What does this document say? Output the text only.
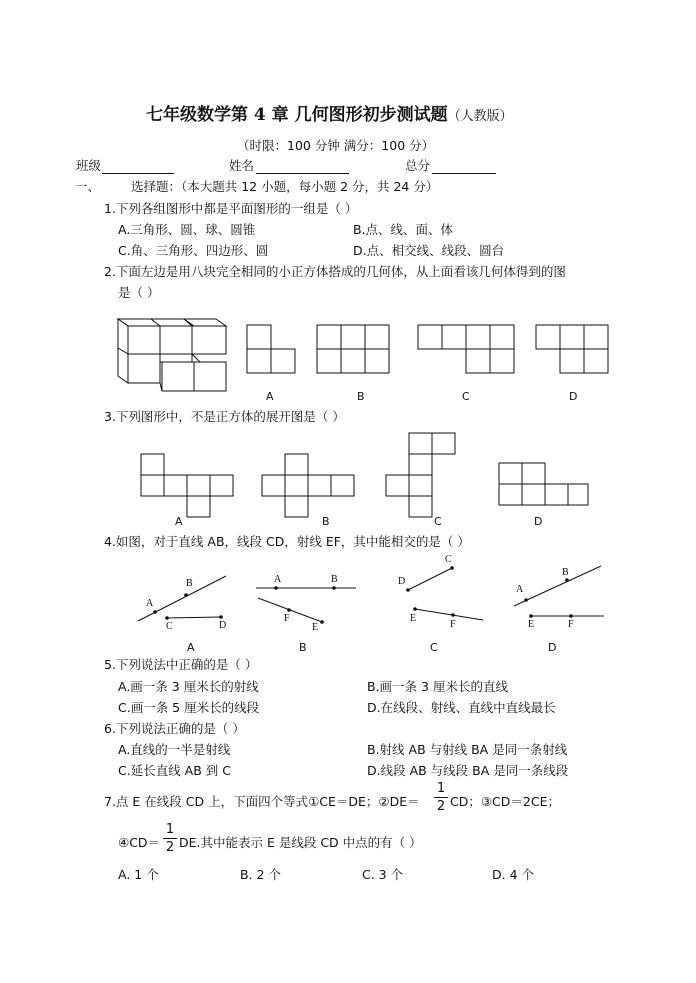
七年级数学第 4 章 几何图形初步测试题（人教版）
（时限：100 分钟 满分：100 分）
班级	姓名	总分
一、 选择题：（本大题共 12 小题，每小题 2 分，共 24 分）
1.下列各组图形中都是平面图形的一组是（ ）
A.三角形、圆、球、圆锥	B.点、线、面、体
C.角、三角形、四边形、圆	D.点、相交线、线段、圆台
2.下面左边是用八块完全相同的小正方体搭成的几何体，从上面看该几何体得到的图
是（ ）
A	B	C	D
3.下列图形中，不是正方体的展开图是（ ）
A	B	C	D
4.如图，对于直线 AB，线段 CD，射线 EF，其中能相交的是（ ）
A
B
C	D
A	B
F
E
D
C
E
F
A
B
E	F
A	B	C	D
5.下列说法中正确的是（ ）
A.画一条 3 厘米长的射线	B.画一条 3 厘米长的直线
C.画一条 5 厘米长的线段	D.在线段、射线、直线中直线最长
6.下列说法正确的是（ ）
A.直线的一半是射线	B.射线 AB 与射线 BA 是同一条射线
C.延长直线 AB 到 C	D.线段 AB 与线段 BA 是同一条线段
7.点 E 在线段 CD 上，下面四个等式①CE＝DE；②DE＝
1
2 CD；③CD＝2CE；
④CD＝
1
2 DE.其中能表示 E 是线段 CD 中点的有（ ）
A. 1 个	B. 2 个	C. 3 个	D. 4 个
